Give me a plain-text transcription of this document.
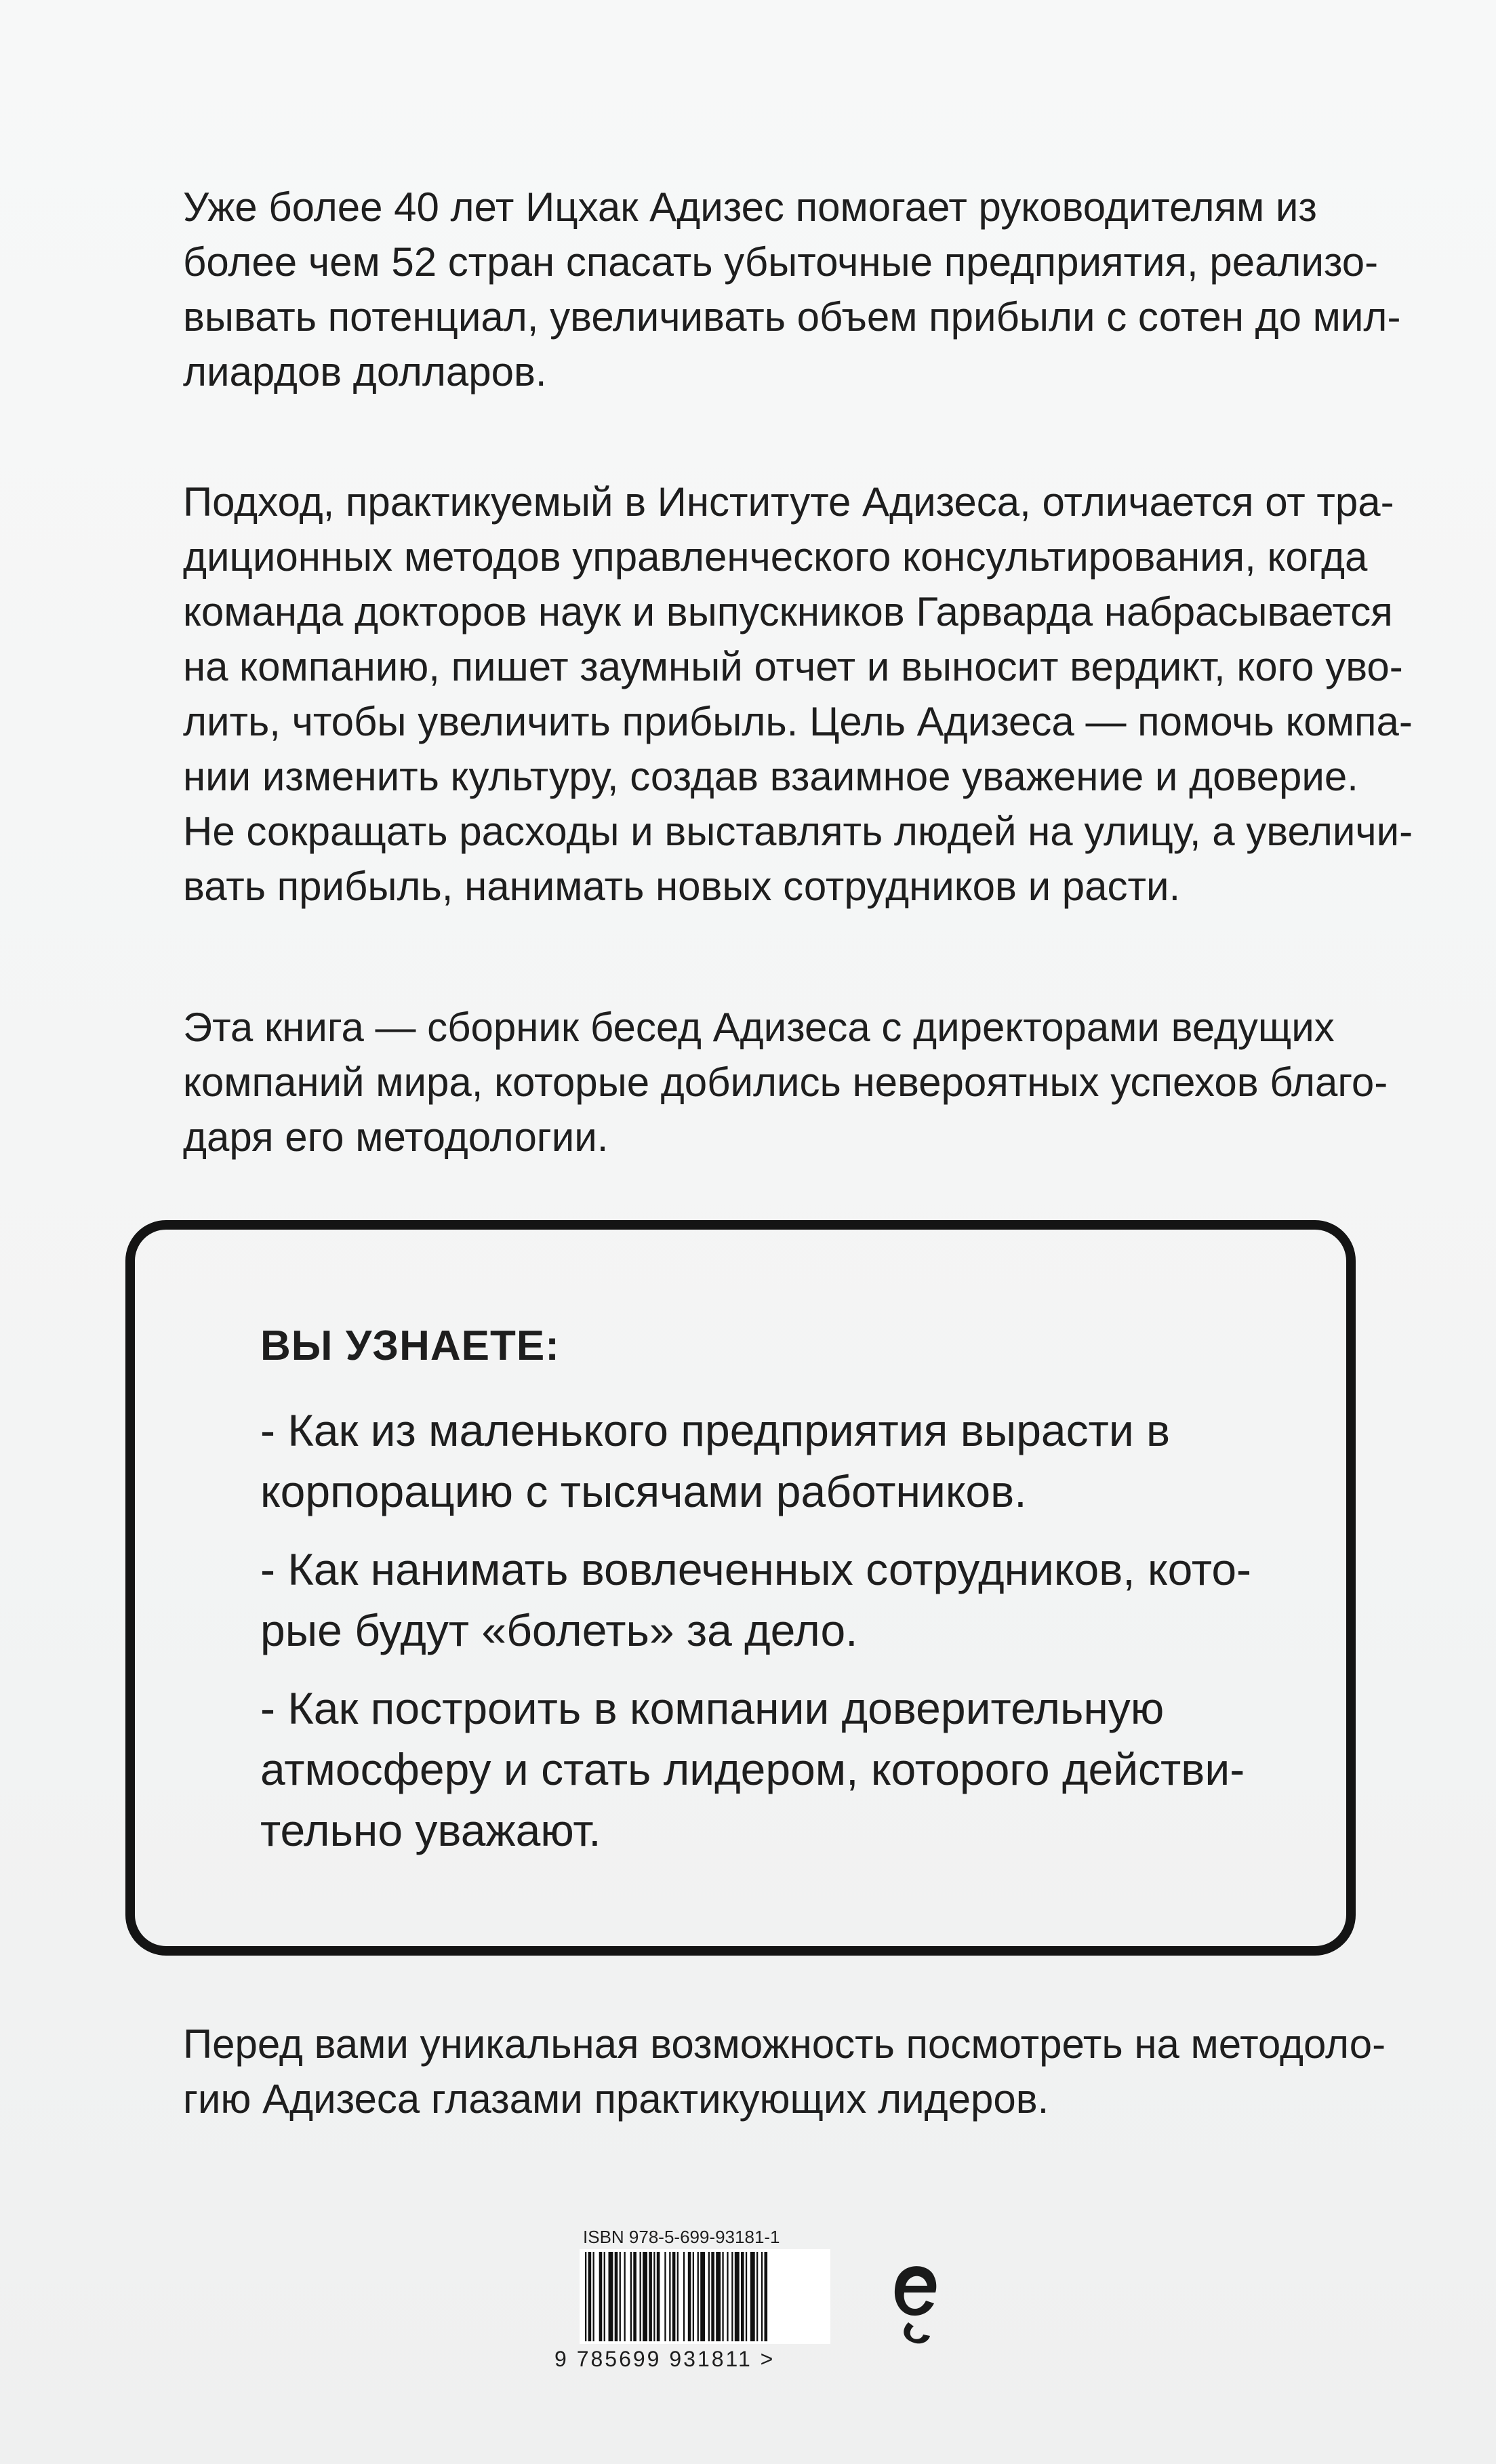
Уже более 40 лет Ицхак Адизес помогает руководителям из
более чем 52 стран спасать убыточные предприятия, реализо-
вывать потенциал, увеличивать объем прибыли с сотен до мил-
лиардов долларов.

Подход, практикуемый в Институте Адизеса, отличается от тра-
диционных методов управленческого консультирования, когда
команда докторов наук и выпускников Гарварда набрасывается
на компанию, пишет заумный отчет и выносит вердикт, кого уво-
лить, чтобы увеличить прибыль. Цель Адизеса — помочь компа-
нии изменить культуру, создав взаимное уважение и доверие.
Не сокращать расходы и выставлять людей на улицу, а увеличи-
вать прибыль, нанимать новых сотрудников и расти.

Эта книга — сборник бесед Адизеса с директорами ведущих
компаний мира, которые добились невероятных успехов благо-
даря его методологии.

ВЫ УЗНАЕТЕ:

- Как из маленького предприятия вырасти в
корпорацию с тысячами работников.

- Как нанимать вовлеченных сотрудников, кото-
рые будут «болеть» за дело.

- Как построить в компании доверительную
атмосферу и стать лидером, которого действи-
тельно уважают.

Перед вами уникальная возможность посмотреть на методоло-
гию Адизеса глазами практикующих лидеров.

ISBN 978-5-699-93181-1
9 785699 931811 >
